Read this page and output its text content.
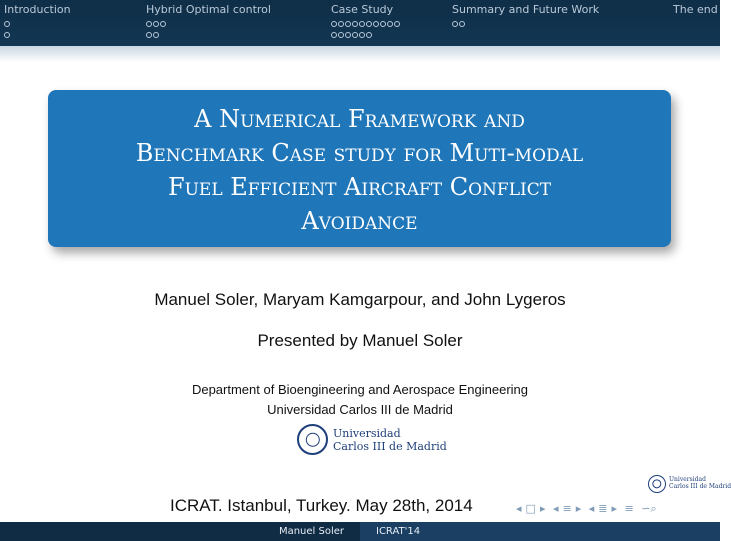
Introduction	Hybrid Optimal control	Case Study	Summary and Future Work	The end
A Numerical Framework and
Benchmark Case study for Muti-modal
Fuel Efficient Aircraft Conflict
Avoidance
Manuel Soler, Maryam Kamgarpour, and John Lygeros
Presented by Manuel Soler
Department of Bioengineering and Aerospace Engineering
Universidad Carlos III de Madrid
Universidad
Carlos III de Madrid
Universidad
Carlos III de Madrid
ICRAT. Istanbul, Turkey. May 28th, 2014	◂ □ ▸ ◂ ≡ ▸ ◂ ≣ ▸ ≡ ∽⌕
Manuel Soler	ICRAT'14
